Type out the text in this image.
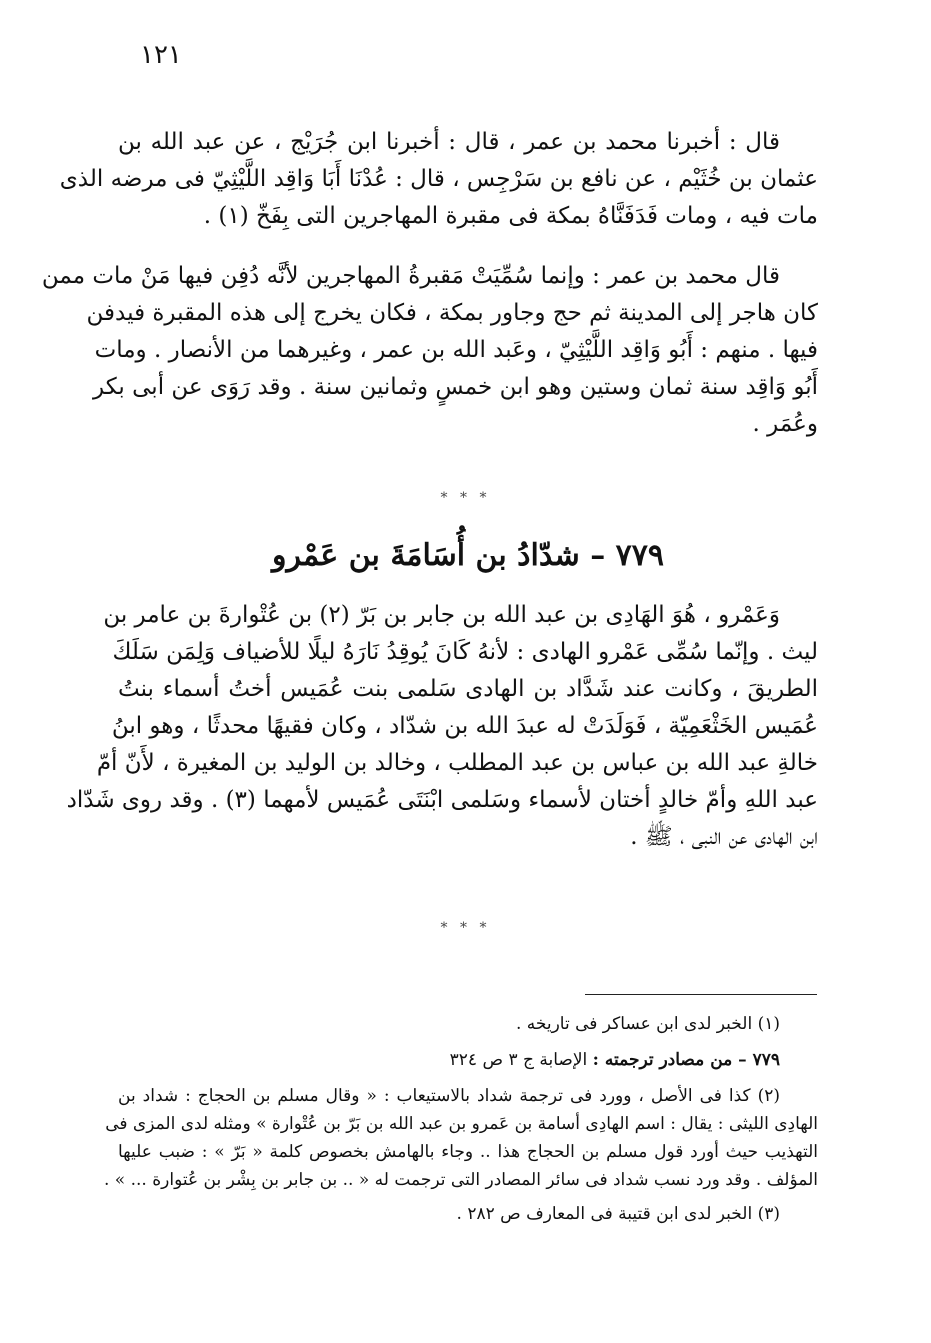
١٢١
قال : أخبرنا محمد بن عمر ، قال : أخبرنا ابن جُرَيْج ، عن عبد الله بن
عثمان بن خُثَيْم ، عن نافع بن سَرْجِس ، قال : عُدْنَا أَبَا وَاقِد اللَّيْثِيّ فى مرضه الذى
مات فيه ، ومات فَدَفَنَّاهُ بمكة فى مقبرة المهاجرين التى بِفَخّ (١) .
قال محمد بن عمر : وإنما سُمِّيَتْ مَقبرةُ المهاجرين لأنَّه دُفِن فيها مَنْ مات ممن
كان هاجر إلى المدينة ثم حج وجاور بمكة ، فكان يخرج إلى هذه المقبرة فيدفن
فيها . منهم : أَبُو وَاقِد اللَّيْثِيّ ، وعَبد الله بن عمر ، وغيرهما من الأنصار . ومات
أَبُو وَاقِد سنة ثمان وستين وهو ابن خمسٍ وثمانين سنة . وقد رَوَى عن أبى بكر
وعُمَر .
* * *
٧٧٩ – شدّادُ بن أُسَامَةَ بن عَمْرو
وَعَمْرو ، هُوَ الهَادِى بن عبد الله بن جابر بن بَرّ (٢) بن عُتْوارةَ بن عامر بن
ليث . وإنّما سُمِّى عَمْرو الهادى : لأنهُ كَانَ يُوقِدُ نَارَهُ ليلًا للأضياف وَلِمَن سَلَكَ
الطريقَ ، وكانت عند شَدَّاد بن الهادى سَلمى بنت عُمَيس أختُ أسماء بنتُ
عُمَيس الخَثْعَمِيّة ، فَوَلَدَتْ له عبدَ الله بن شدّاد ، وكان فقيهًا محدثًا ، وهو ابنُ
خالةِ عبد الله بن عباس بن عبد المطلب ، وخالد بن الوليد بن المغيرة ، لأَنّ أمّ
عبد اللهِ وأمّ خالدٍ أختان لأسماء وسَلمى ابْنَتَى عُمَيس لأمهما (٣) . وقد روى شَدّاد
ابن الهادى عن النبى ، ﷺ .
* * *
(١) الخبر لدى ابن عساكر فى تاريخه .
٧٧٩ – من مصادر ترجمته : الإصابة ج ٣ ص ٣٢٤
(٢) كذا فى الأصل ، وورد فى ترجمة شداد بالاستيعاب : « وقال مسلم بن الحجاج : شداد بن
الهادِى الليثى : يقال : اسم الهادِى أسامة بن عَمرو بن عبد الله بن بَرّ بن عُتْوارة » ومثله لدى المزى فى
التهذيب حيث أورد قول مسلم بن الحجاج هذا .. وجاء بالهامش بخصوص كلمة « بَرّ » : ضبب عليها
المؤلف . وقد ورد نسب شداد فى سائر المصادر التى ترجمت له « .. بن جابر بن بِشْر بن عُتوارة ... » .
(٣) الخبر لدى ابن قتيبة فى المعارف ص ٢٨٢ .
